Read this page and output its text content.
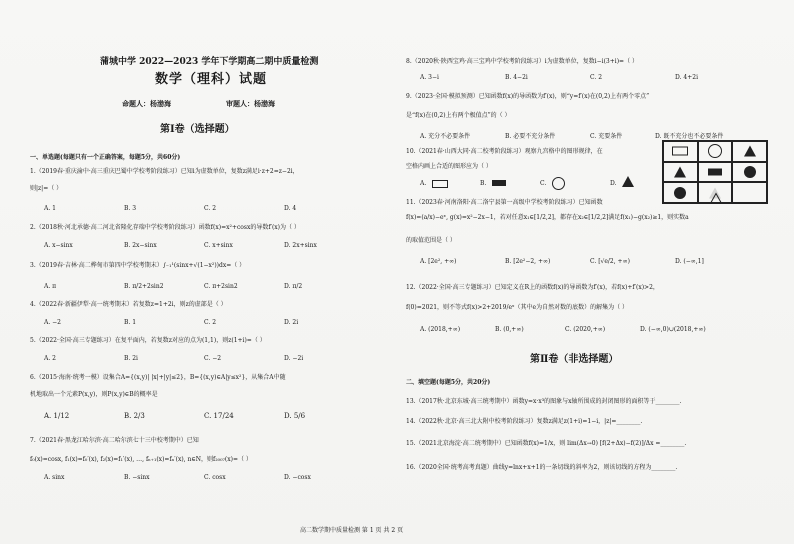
蒲城中学 2022—2023 学年下学期高二期中质量检测
数学（理科）试题
命题人：杨渤海	审题人：杨渤海
第Ⅰ卷（选择题）
一、单选题(每题只有一个正确答案，每题5分，共60分)
1.（2019春·重庆渝中·高三重庆巴蜀中学校考阶段练习）已知i为虚数单位，复数z满足i·z+2=z−2i，
则|z|=（ ）
A. 1	B. 3	C. 2	D. 4
2.（2018秋·河北承德·高二河北省隆化存瑞中学校考阶段练习）函数f(x)=x²+cosx的导数f′(x)为（ ）
A. x−sinx	B. 2x−sinx	C. x+sinx	D. 2x+sinx
3.（2019春·吉林·高二桦甸市第四中学校考期末）∫₋₁¹(sinx+√(1−x²))dx=（ ）
A. π	B. π/2+2sin2	C. π+2sin2	D. π/2
4.（2022春·新疆伊犁·高一统考期末）若复数z=1+2i，则z的虚部是（ ）
A. −2	B. 1	C. 2	D. 2i
5.（2022·全国·高三专题练习）在复平面内，若复数z对应的点为(1,1)，则z(1+i)=（ ）
A. 2	B. 2i	C. −2	D. −2i
6.（2015·海南·统考一模）设集合A={(x,y)| |x|+|y|≤2}，B={(x,y)∈A|y≤x²}，从集合A中随
机地取出一个元素P(x,y)，则P(x,y)∈B的概率是
A. 1/12	B. 2/3	C. 17/24	D. 5/6
7.（2021春·黑龙江哈尔滨·高二哈尔滨七十三中校考期中）已知
f₀(x)=cosx, f₁(x)=f₀′(x), f₂(x)=f₁′(x), …, fₙ₊₁(x)=fₙ′(x), n∈N，则f₂₀₀₇(x)=（ ）
A. sinx	B. −sinx	C. cosx	D. −cosx
8.（2020秋·陕西宝鸡·高三宝鸡中学校考阶段练习）i为虚数单位，复数i−i(3+i)=（ ）
A. 3−i	B. 4−2i	C. 2	D. 4+2i
9.（2023·全国·模拟预测）已知函数f(x)的导函数为f′(x)，则“y=f′(x)在(0,2)上有两个零点”
是“f(x)在(0,2)上有两个极值点”的（ ）
A. 充分不必要条件	B. 必要不充分条件	C. 充要条件	D. 既不充分也不必要条件
10.（2021春·山西大同·高二校考阶段练习）观察九宫格中的图形规律，在
空格内画上合适的图形应为（ ）
A.	B.	C.	D.
11.（2023春·河南洛阳·高二洛宁县第一高级中学校考阶段练习）已知函数
f(x)=(a/x)−eˣ, g(x)=x²−2x−1，若对任意x₁∈[1/2,2]，都存在x₂∈[1/2,2]满足f(x₁)−g(x₂)≥1，则实数a
的取值范围是（ ）
A. [2e², +∞)	B. [2e²−2, +∞)	C. [√e/2, +∞)	D. (−∞,1]
12.（2022·全国·高三专题练习）已知定义在R上的函数f(x)的导函数为f′(x)，若f(x)+f′(x)>2，
f(0)=2021，则不等式f(x)>2+2019/eˣ（其中e为自然对数的底数）的解集为（ ）
A. (2018,+∞)	B. (0,+∞)	C. (2020,+∞)	D. (−∞,0)∪(2018,+∞)
第Ⅱ卷（非选择题）
二、填空题(每题5分，共20分)
13.（2017秋·北京东城·高三统考期中）函数y=x·x³的图象与x轴所围成的封闭图形的面积等于________.
14.（2022秋·北京·高三北大附中校考阶段练习）复数z满足z(1+i)=1−i，|z|=________.
15.（2021北京海淀·高二统考期中）已知函数f(x)=1/x，则 lim(Δx→0) [f(2+Δx)−f(2)]/Δx =________.
16.（2020全国·统考高考真题）曲线y=lnx+x+1的一条切线的斜率为2，则该切线的方程为________.
高二数学期中质量检测 第 1 页 共 2 页
